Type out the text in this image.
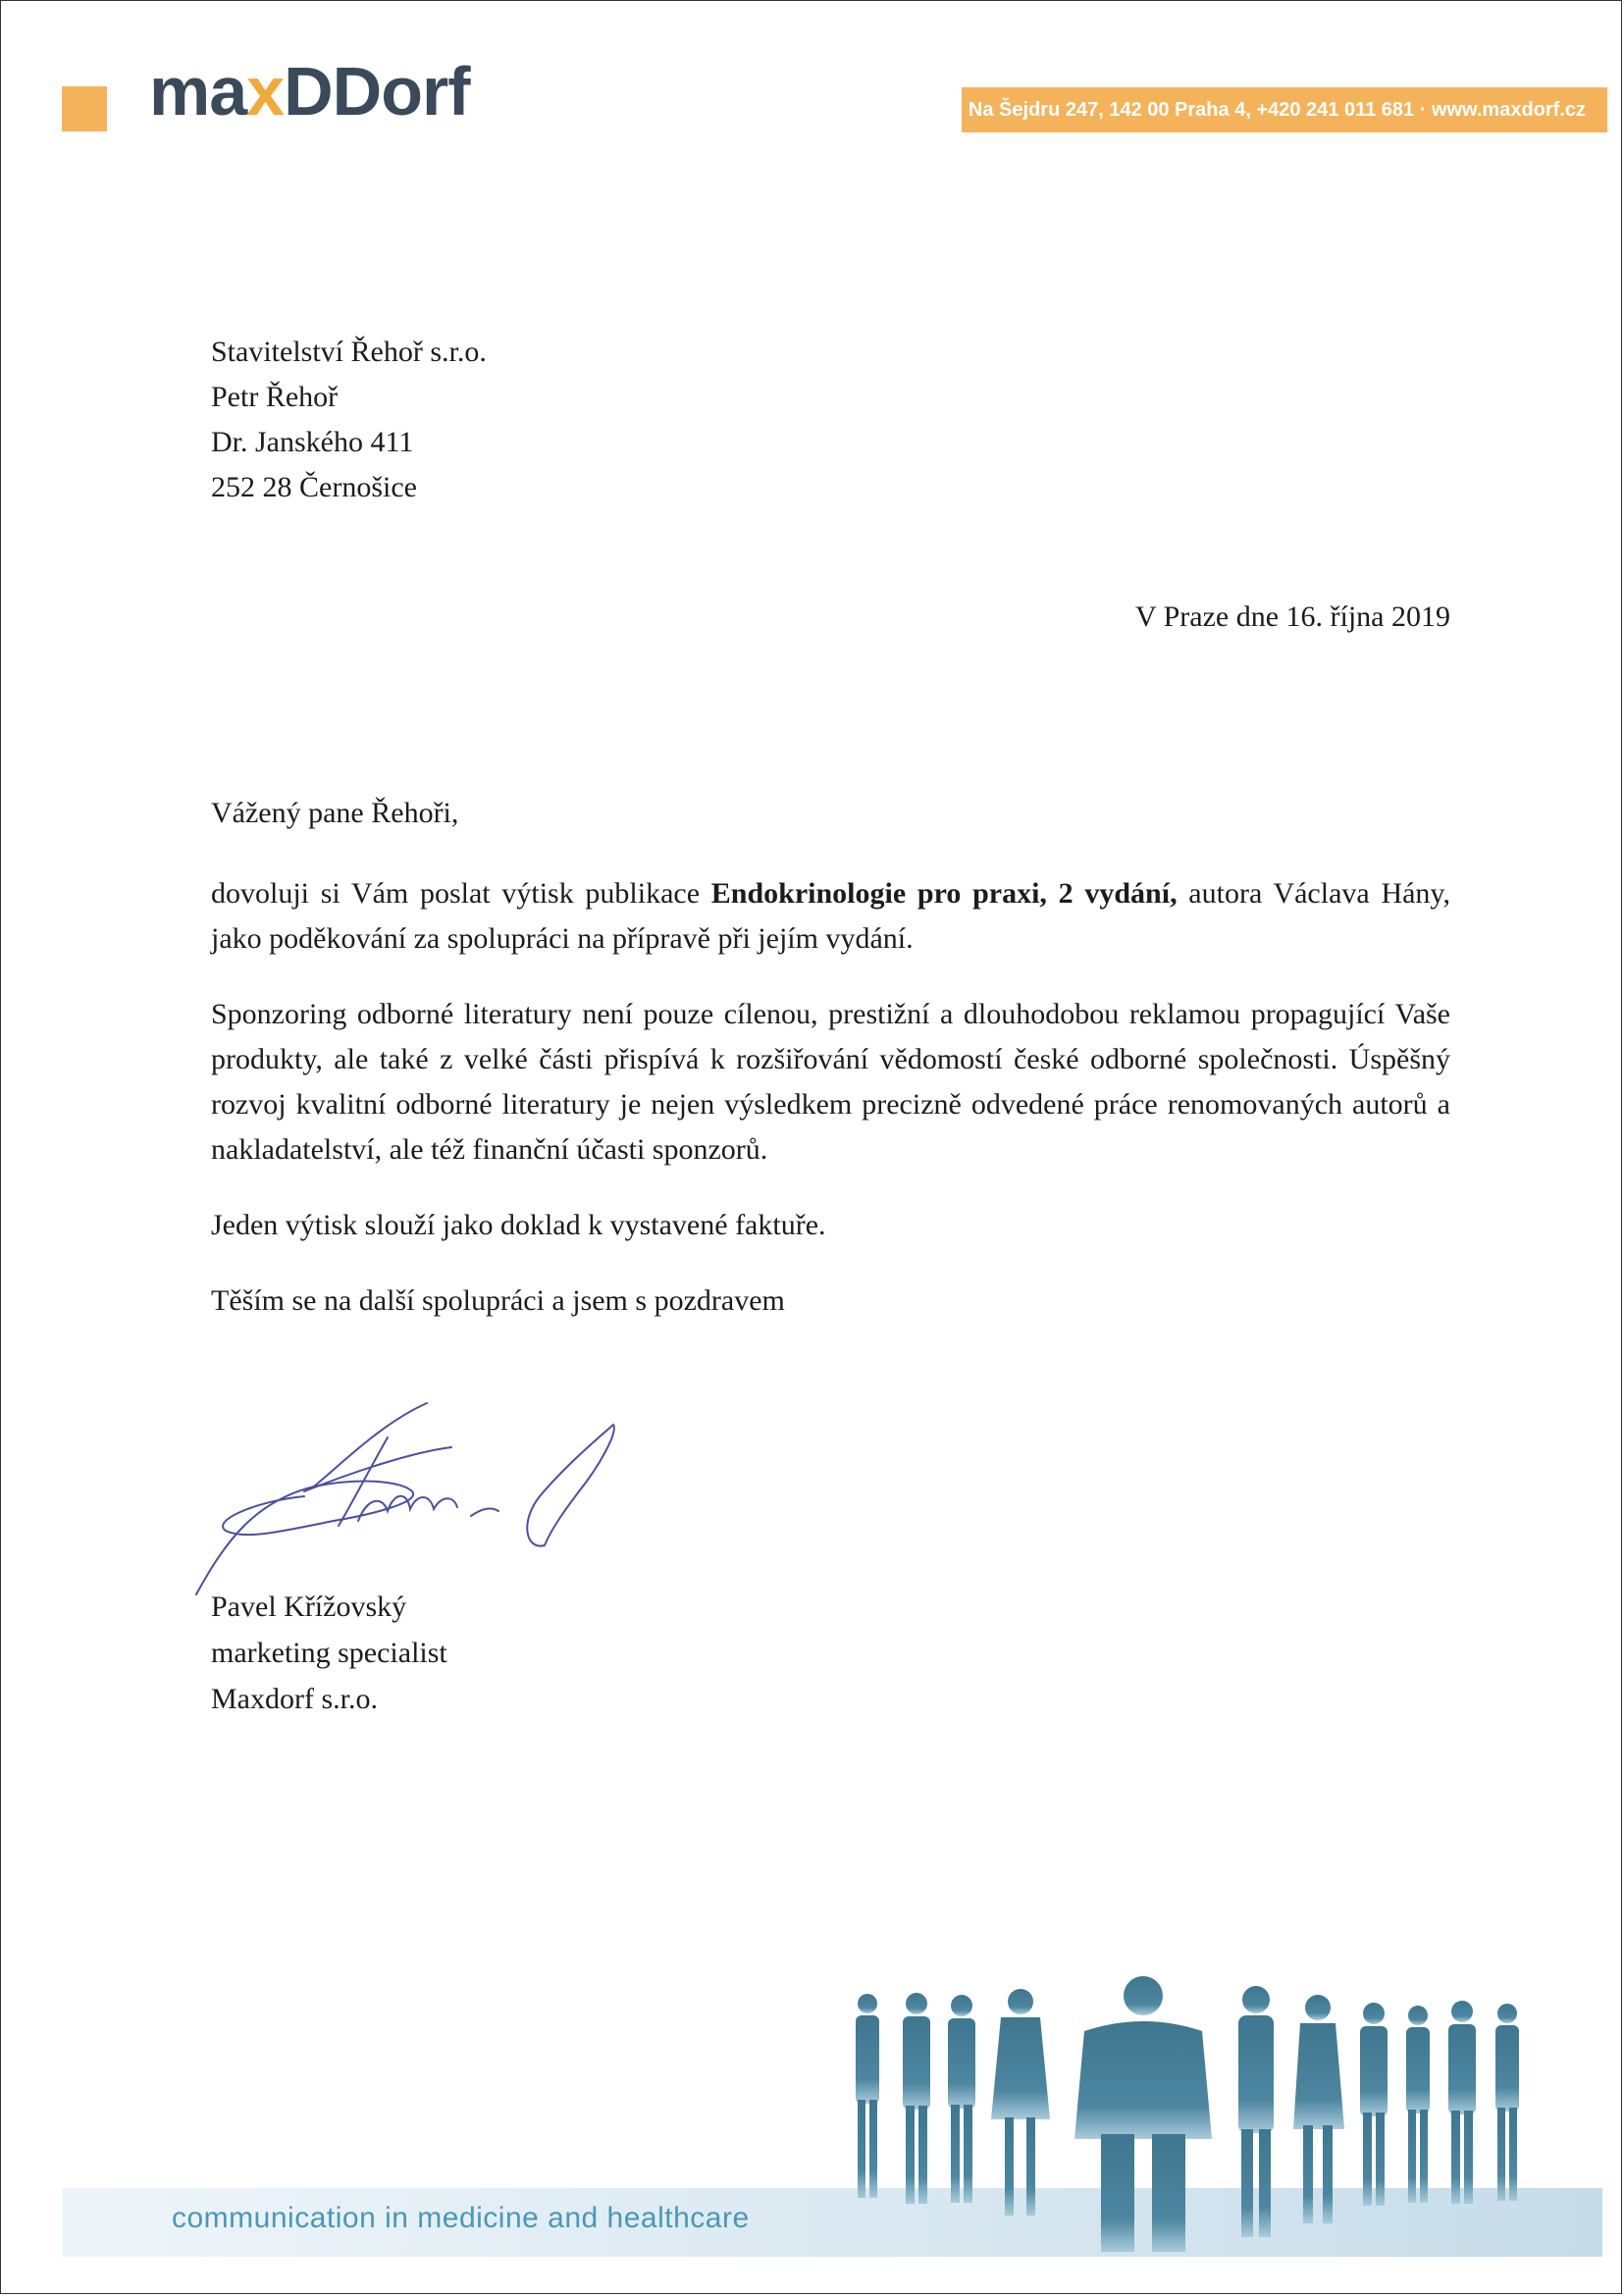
maxDDorf	Na Šejdru 247, 142 00 Praha 4, +420 241 011 681 · www.maxdorf.cz
Stavitelství Řehoř s.r.o.
Petr Řehoř
Dr. Janského 411
252 28 Černošice
V Praze dne 16. října 2019
Vážený pane Řehoři,

dovoluji si Vám poslat výtisk publikace Endokrinologie pro praxi, 2 vydání, autora Václava Hány, jako poděkování za spolupráci na přípravě při jejím vydání.

Sponzoring odborné literatury není pouze cílenou, prestižní a dlouhodobou reklamou propagující Vaše produkty, ale také z velké části přispívá k rozšiřování vědomostí české odborné společnosti. Úspěšný rozvoj kvalitní odborné literatury je nejen výsledkem precizně odvedené práce renomovaných autorů a nakladatelství, ale též finanční účasti sponzorů.

Jeden výtisk slouží jako doklad k vystavené faktuře.

Těším se na další spolupráci a jsem s pozdravem

Pavel Křížovský
marketing specialist
Maxdorf s.r.o.
communication in medicine and healthcare
